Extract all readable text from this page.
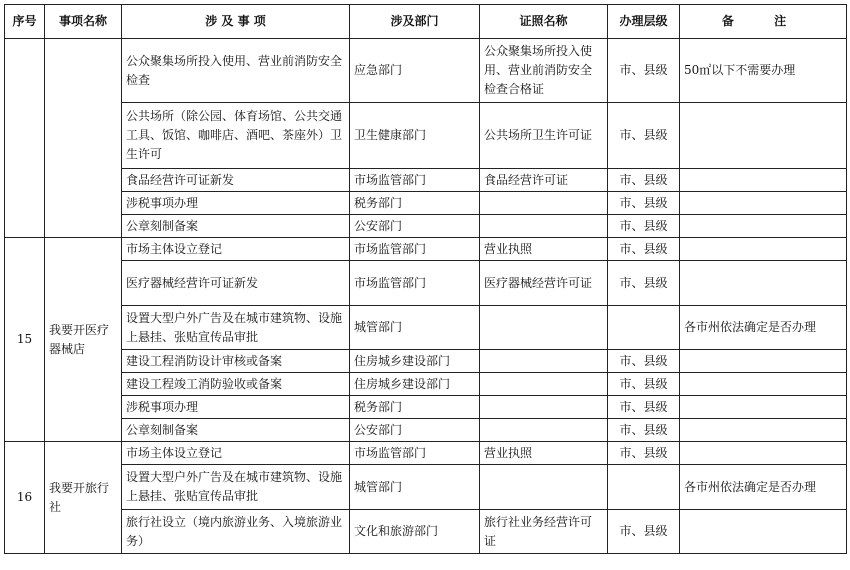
序号	事项名称	涉 及 事 项	涉及部门	证照名称	办理层级	备 注
		公众聚集场所投入使用、营业前消防安全检查	应急部门	公众聚集场所投入使用、营业前消防安全检查合格证	市、县级	50㎡以下不需要办理
		公共场所（除公园、体育场馆、公共交通工具、饭馆、咖啡店、酒吧、茶座外）卫生许可	卫生健康部门	公共场所卫生许可证	市、县级	
		食品经营许可证新发	市场监管部门	食品经营许可证	市、县级	
		涉税事项办理	税务部门		市、县级	
		公章刻制备案	公安部门		市、县级	
15	我要开医疗器械店	市场主体设立登记	市场监管部门	营业执照	市、县级	
		医疗器械经营许可证新发	市场监管部门	医疗器械经营许可证	市、县级	
		设置大型户外广告及在城市建筑物、设施上悬挂、张贴宣传品审批	城管部门			各市州依法确定是否办理
		建设工程消防设计审核或备案	住房城乡建设部门		市、县级	
		建设工程竣工消防验收或备案	住房城乡建设部门		市、县级	
		涉税事项办理	税务部门		市、县级	
		公章刻制备案	公安部门		市、县级	
16	我要开旅行社	市场主体设立登记	市场监管部门	营业执照	市、县级	
		设置大型户外广告及在城市建筑物、设施上悬挂、张贴宣传品审批	城管部门			各市州依法确定是否办理
		旅行社设立（境内旅游业务、入境旅游业务）	文化和旅游部门	旅行社业务经营许可证	市、县级	
